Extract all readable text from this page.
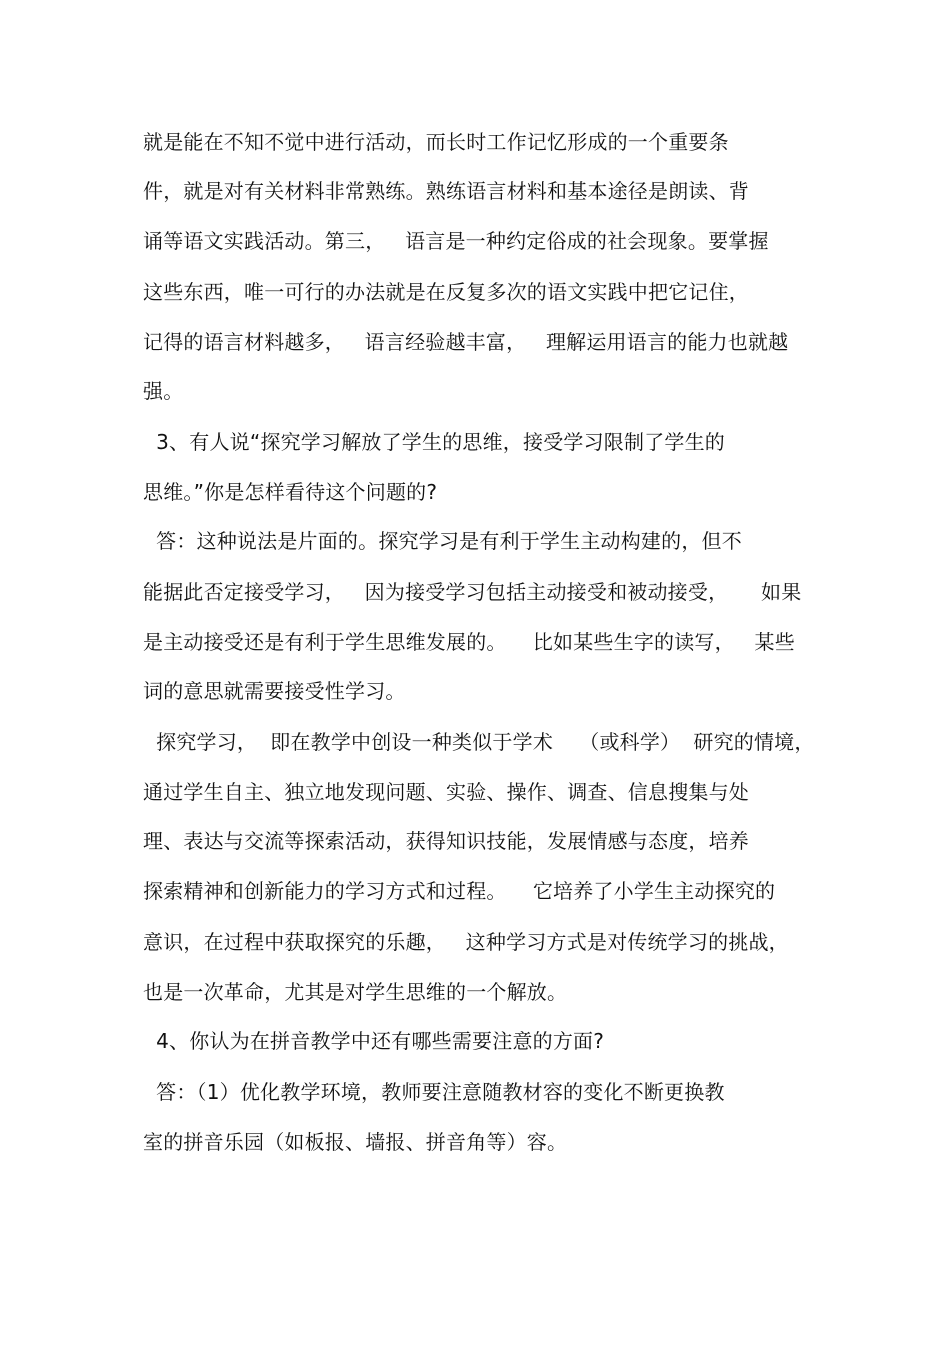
就是能在不知不觉中进行活动，而长时工作记忆形成的一个重要条
件，就是对有关材料非常熟练。熟练语言材料和基本途径是朗读、背
诵等语文实践活动。第三，   语言是一种约定俗成的社会现象。要掌握
这些东西，唯一可行的办法就是在反复多次的语文实践中把它记住，
记得的语言材料越多，   语言经验越丰富，   理解运用语言的能力也就越
强。
3、有人说“探究学习解放了学生的思维，接受学习限制了学生的
思维。”你是怎样看待这个问题的?
答：这种说法是片面的。探究学习是有利于学生主动构建的，但不
能据此否定接受学习，   因为接受学习包括主动接受和被动接受，     如果
是主动接受还是有利于学生思维发展的。    比如某些生字的读写，   某些
词的意思就需要接受性学习。
探究学习，  即在教学中创设一种类似于学术    （或科学）  研究的情境，
通过学生自主、独立地发现问题、实验、操作、调查、信息搜集与处
理、表达与交流等探索活动，获得知识技能，发展情感与态度，培养
探索精神和创新能力的学习方式和过程。    它培养了小学生主动探究的
意识，在过程中获取探究的乐趣，   这种学习方式是对传统学习的挑战，
也是一次革命，尤其是对学生思维的一个解放。
4、你认为在拼音教学中还有哪些需要注意的方面?
答：（1）优化教学环境，教师要注意随教材容的变化不断更换教
室的拼音乐园（如板报、墙报、拼音角等）容。
